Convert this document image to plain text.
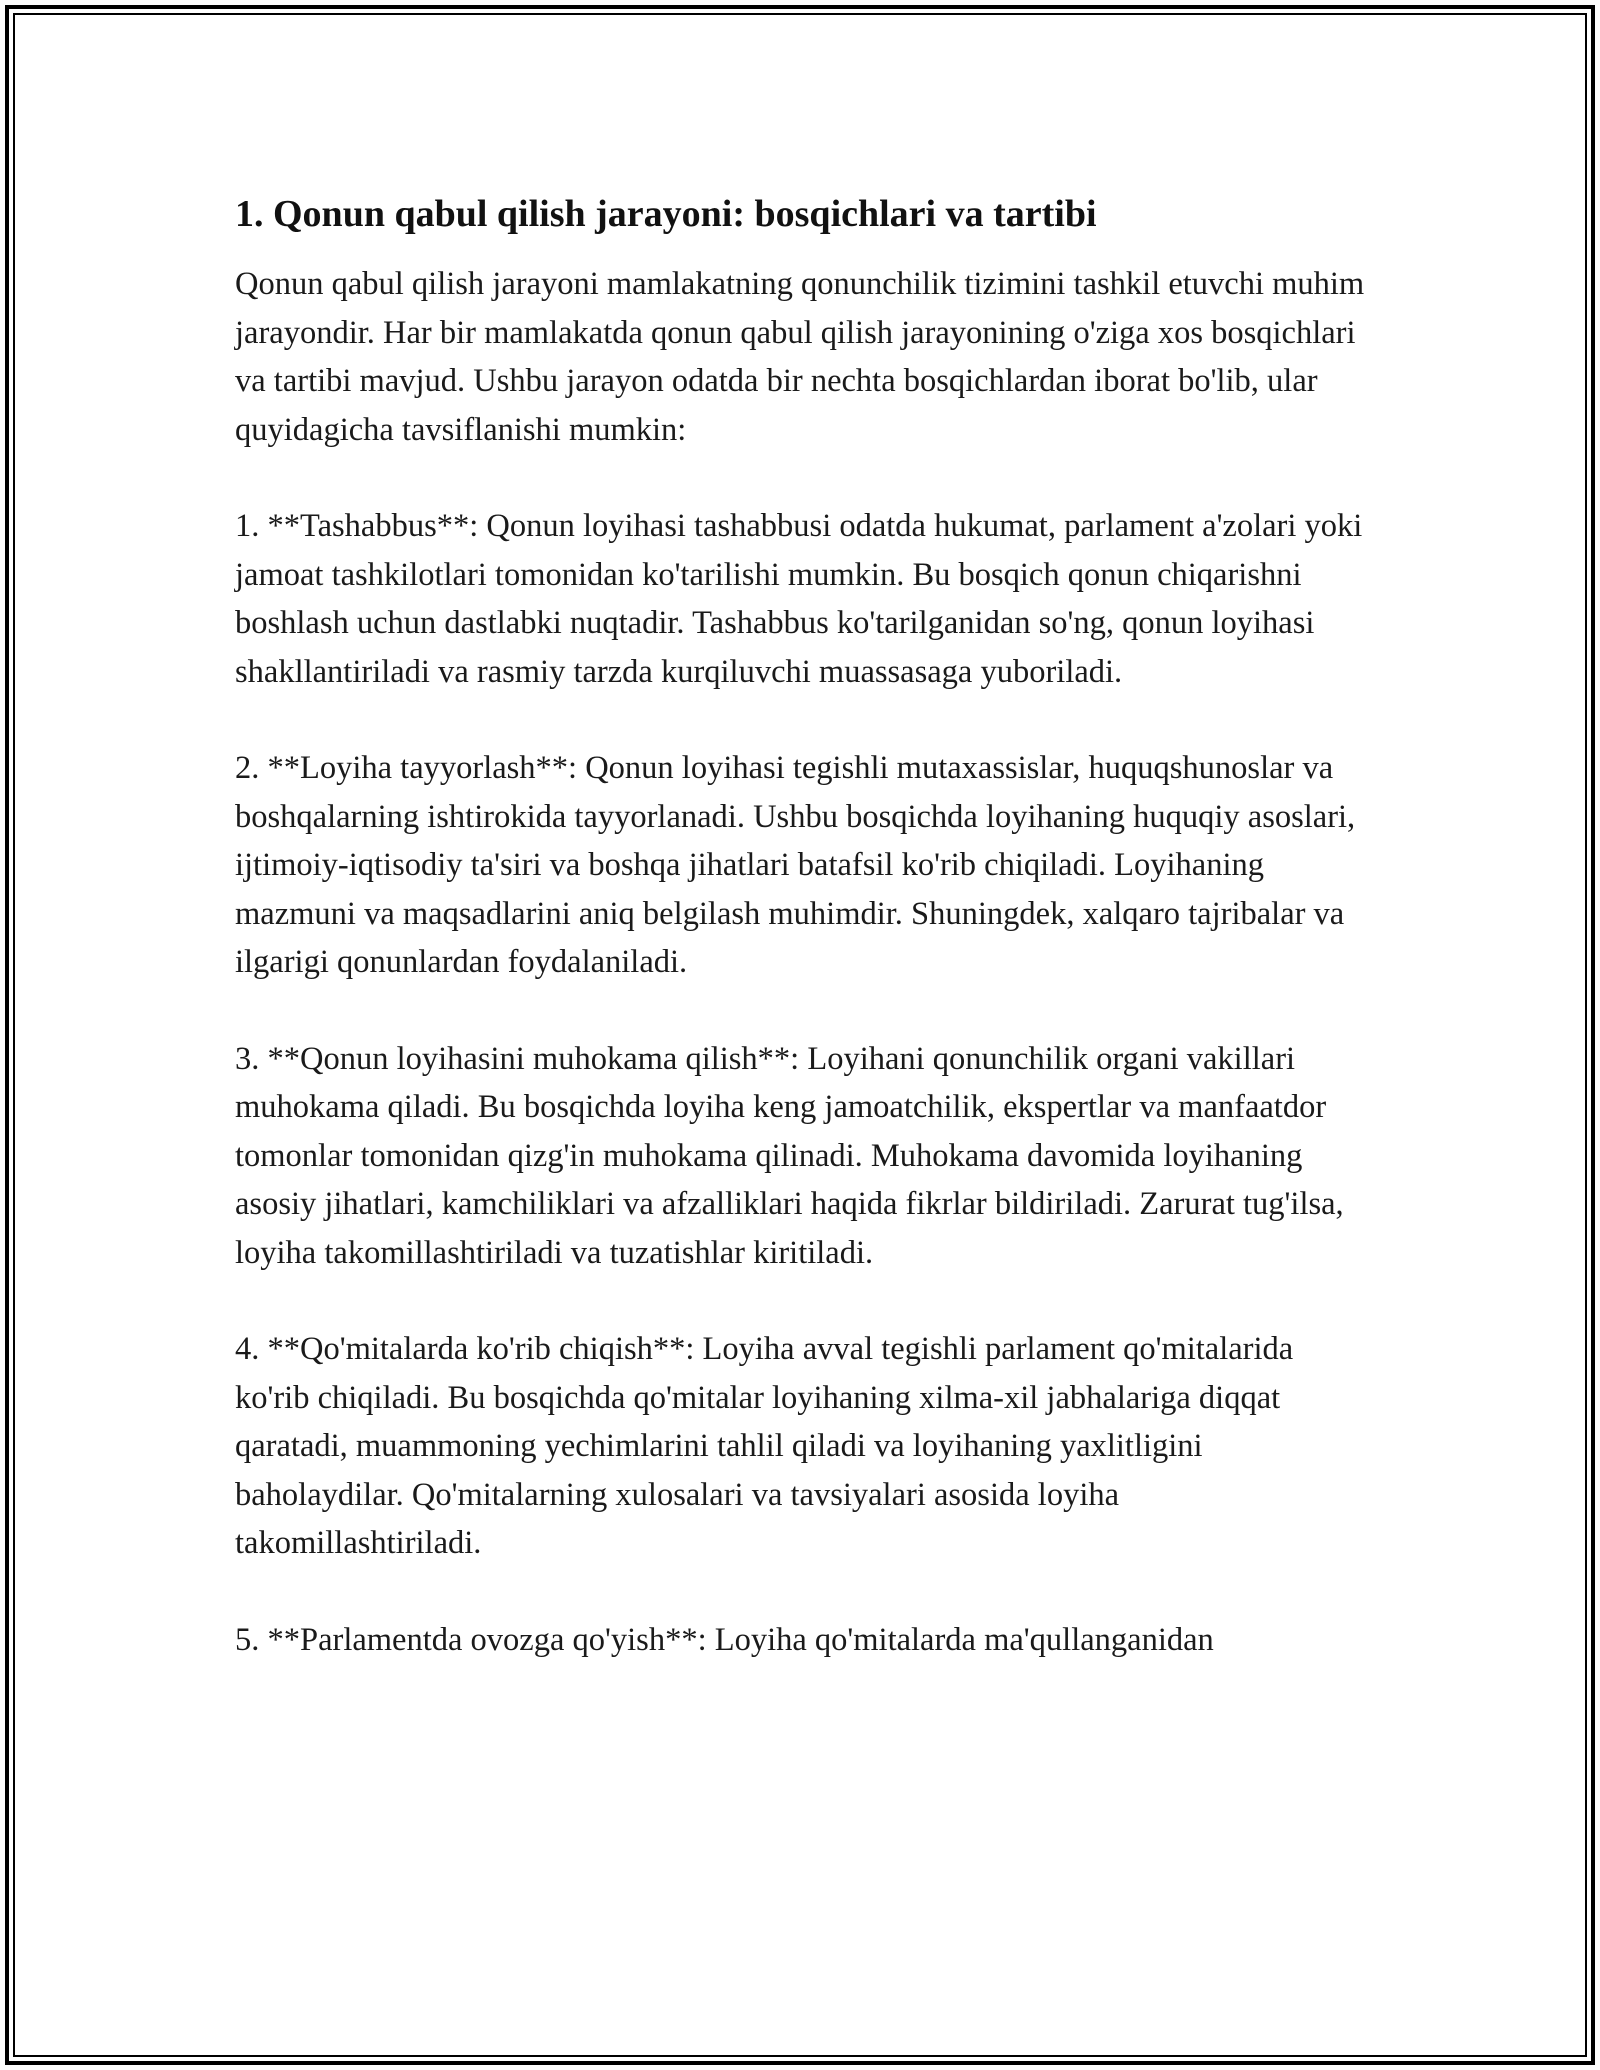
1. Qonun qabul qilish jarayoni: bosqichlari va tartibi

Qonun qabul qilish jarayoni mamlakatning qonunchilik tizimini tashkil etuvchi muhim jarayondir. Har bir mamlakatda qonun qabul qilish jarayonining o'ziga xos bosqichlari va tartibi mavjud. Ushbu jarayon odatda bir nechta bosqichlardan iborat bo'lib, ular quyidagicha tavsiflanishi mumkin:

1. **Tashabbus**: Qonun loyihasi tashabbusi odatda hukumat, parlament a'zolari yoki jamoat tashkilotlari tomonidan ko'tarilishi mumkin. Bu bosqich qonun chiqarishni boshlash uchun dastlabki nuqtadir. Tashabbus ko'tarilganidan so'ng, qonun loyihasi shakllantiriladi va rasmiy tarzda kurqiluvchi muassasaga yuboriladi.

2. **Loyiha tayyorlash**: Qonun loyihasi tegishli mutaxassislar, huquqshunoslar va boshqalarning ishtirokida tayyorlanadi. Ushbu bosqichda loyihaning huquqiy asoslari, ijtimoiy-iqtisodiy ta'siri va boshqa jihatlari batafsil ko'rib chiqiladi. Loyihaning mazmuni va maqsadlarini aniq belgilash muhimdir. Shuningdek, xalqaro tajribalar va ilgarigi qonunlardan foydalaniladi.

3. **Qonun loyihasini muhokama qilish**: Loyihani qonunchilik organi vakillari muhokama qiladi. Bu bosqichda loyiha keng jamoatchilik, ekspertlar va manfaatdor tomonlar tomonidan qizg'in muhokama qilinadi. Muhokama davomida loyihaning asosiy jihatlari, kamchiliklari va afzalliklari haqida fikrlar bildiriladi. Zarurat tug'ilsa, loyiha takomillashtiriladi va tuzatishlar kiritiladi.

4. **Qo'mitalarda ko'rib chiqish**: Loyiha avval tegishli parlament qo'mitalarida ko'rib chiqiladi. Bu bosqichda qo'mitalar loyihaning xilma-xil jabhalariga diqqat qaratadi, muammoning yechimlarini tahlil qiladi va loyihaning yaxlitligini baholaydilar. Qo'mitalarning xulosalari va tavsiyalari asosida loyiha takomillashtiriladi.

5. **Parlamentda ovozga qo'yish**: Loyiha qo'mitalarda ma'qullanganidan
